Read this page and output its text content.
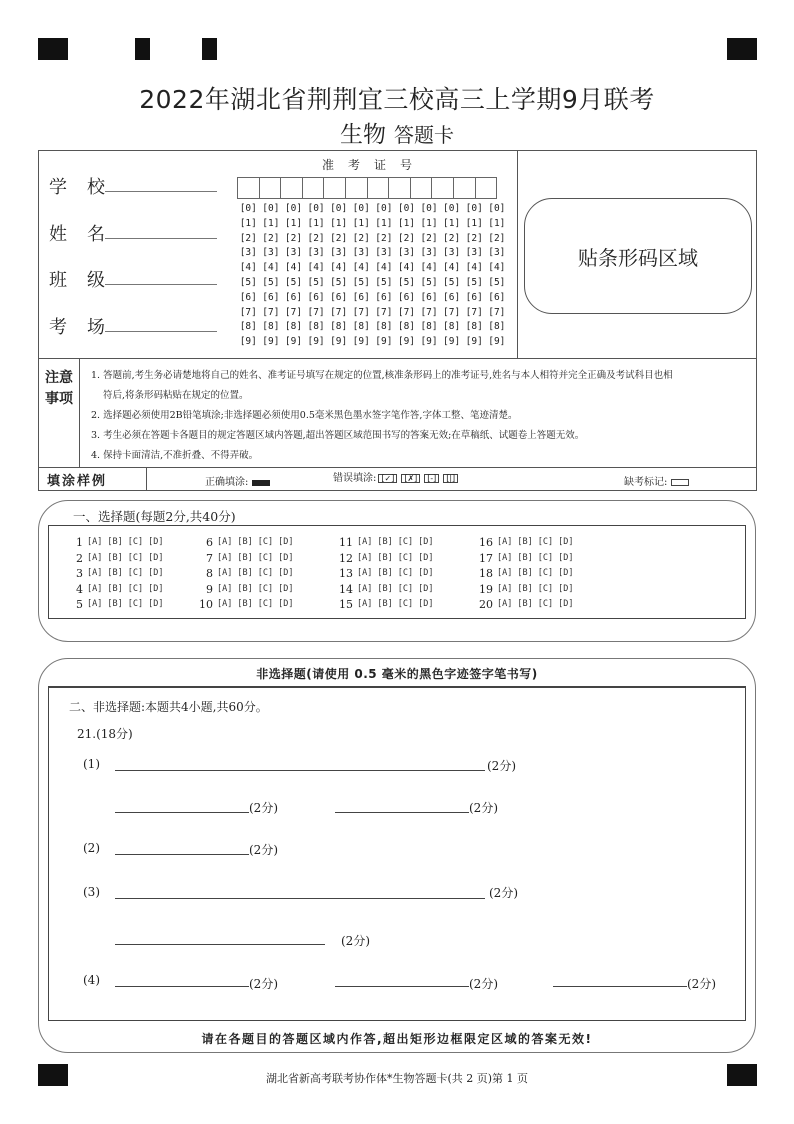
2022年湖北省荆荆宜三校高三上学期9月联考
生物 答题卡
学校
姓名
班级
考场
准考证号
[0] [0] [0] [0] [0] [0] [0] [0] [0] [0] [0] [0]
[1] [1] [1] [1] [1] [1] [1] [1] [1] [1] [1] [1]
[2] [2] [2] [2] [2] [2] [2] [2] [2] [2] [2] [2]
[3] [3] [3] [3] [3] [3] [3] [3] [3] [3] [3] [3]
[4] [4] [4] [4] [4] [4] [4] [4] [4] [4] [4] [4]
[5] [5] [5] [5] [5] [5] [5] [5] [5] [5] [5] [5]
[6] [6] [6] [6] [6] [6] [6] [6] [6] [6] [6] [6]
[7] [7] [7] [7] [7] [7] [7] [7] [7] [7] [7] [7]
[8] [8] [8] [8] [8] [8] [8] [8] [8] [8] [8] [8]
[9] [9] [9] [9] [9] [9] [9] [9] [9] [9] [9] [9]
贴条形码区域
注意事项
1. 答题前,考生务必请楚地将自己的姓名、准考证号填写在规定的位置,核准条形码上的准考证号,姓名与本人相符并完全正确及考试科目也相
符后,将条形码粘贴在规定的位置。
2. 选择题必须使用2B铅笔填涂;非选择题必须使用0.5毫米黑色墨水签字笔作答,字体工整、笔迹清楚。
3. 考生必须在答题卡各题目的规定答题区域内答题,超出答题区域范围书写的答案无效;在草稿纸、试题卷上答题无效。
4. 保持卡面清洁,不准折叠、不得弄破。
填涂样例	正确填涂:	错误填涂: [✓] [✗] [-] [|]	缺考标记:
一、选择题(每题2分,共40分)
1 [A] [B] [C] [D]
2 [A] [B] [C] [D]
3 [A] [B] [C] [D]
4 [A] [B] [C] [D]
5 [A] [B] [C] [D]
6 [A] [B] [C] [D]
7 [A] [B] [C] [D]
8 [A] [B] [C] [D]
9 [A] [B] [C] [D]
10 [A] [B] [C] [D]
11 [A] [B] [C] [D]
12 [A] [B] [C] [D]
13 [A] [B] [C] [D]
14 [A] [B] [C] [D]
15 [A] [B] [C] [D]
16 [A] [B] [C] [D]
17 [A] [B] [C] [D]
18 [A] [B] [C] [D]
19 [A] [B] [C] [D]
20 [A] [B] [C] [D]
非选择题(请使用 0.5 毫米的黑色字迹签字笔书写)
二、非选择题:本题共4小题,共60分。
21.(18分)
(1)	(2分)
(2分)	(2分)
(2)	(2分)
(3)	(2分)
(2分)
(4)	(2分)	(2分)	(2分)
请在各题目的答题区域内作答,超出矩形边框限定区域的答案无效!
湖北省新高考联考协作体*生物答题卡(共 2 页)第 1 页
